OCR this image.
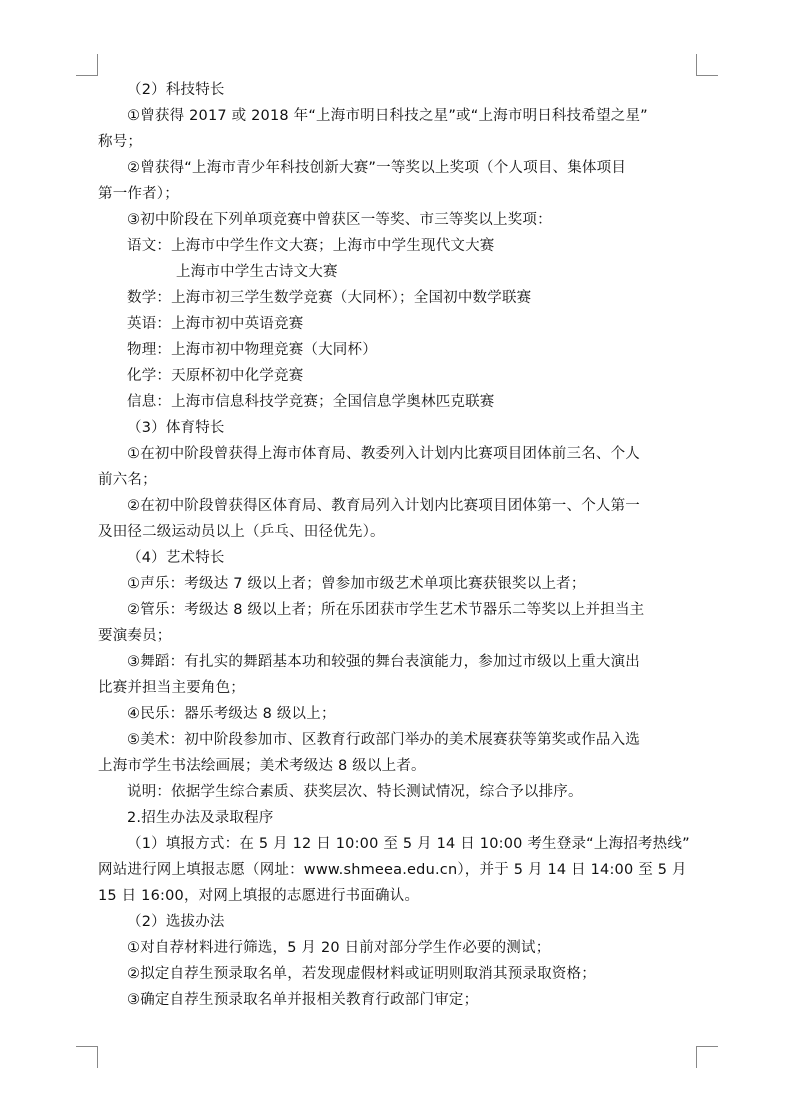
（2）科技特长
①曾获得 2017 或 2018 年“上海市明日科技之星”或“上海市明日科技希望之星”
称号；
②曾获得“上海市青少年科技创新大赛”一等奖以上奖项（个人项目、集体项目
第一作者）；
③初中阶段在下列单项竞赛中曾获区一等奖、市三等奖以上奖项：
语文：上海市中学生作文大赛；上海市中学生现代文大赛
上海市中学生古诗文大赛
数学：上海市初三学生数学竞赛（大同杯）；全国初中数学联赛
英语：上海市初中英语竞赛
物理：上海市初中物理竞赛（大同杯）
化学：天原杯初中化学竞赛
信息：上海市信息科技学竞赛；全国信息学奥林匹克联赛
（3）体育特长
①在初中阶段曾获得上海市体育局、教委列入计划内比赛项目团体前三名、个人
前六名；
②在初中阶段曾获得区体育局、教育局列入计划内比赛项目团体第一、个人第一
及田径二级运动员以上（乒乓、田径优先）。
（4）艺术特长
①声乐：考级达 7 级以上者；曾参加市级艺术单项比赛获银奖以上者；
②管乐：考级达 8 级以上者；所在乐团获市学生艺术节器乐二等奖以上并担当主
要演奏员；
③舞蹈：有扎实的舞蹈基本功和较强的舞台表演能力，参加过市级以上重大演出
比赛并担当主要角色；
④民乐：器乐考级达 8 级以上；
⑤美术：初中阶段参加市、区教育行政部门举办的美术展赛获等第奖或作品入选
上海市学生书法绘画展；美术考级达 8 级以上者。
说明：依据学生综合素质、获奖层次、特长测试情况，综合予以排序。
2.招生办法及录取程序
（1）填报方式：在 5 月 12 日 10:00 至 5 月 14 日 10:00 考生登录“上海招考热线”
网站进行网上填报志愿（网址：www.shmeea.edu.cn），并于 5 月 14 日 14:00 至 5 月
15 日 16:00，对网上填报的志愿进行书面确认。
（2）选拔办法
①对自荐材料进行筛选，5 月 20 日前对部分学生作必要的测试；
②拟定自荐生预录取名单，若发现虚假材料或证明则取消其预录取资格；
③确定自荐生预录取名单并报相关教育行政部门审定；
